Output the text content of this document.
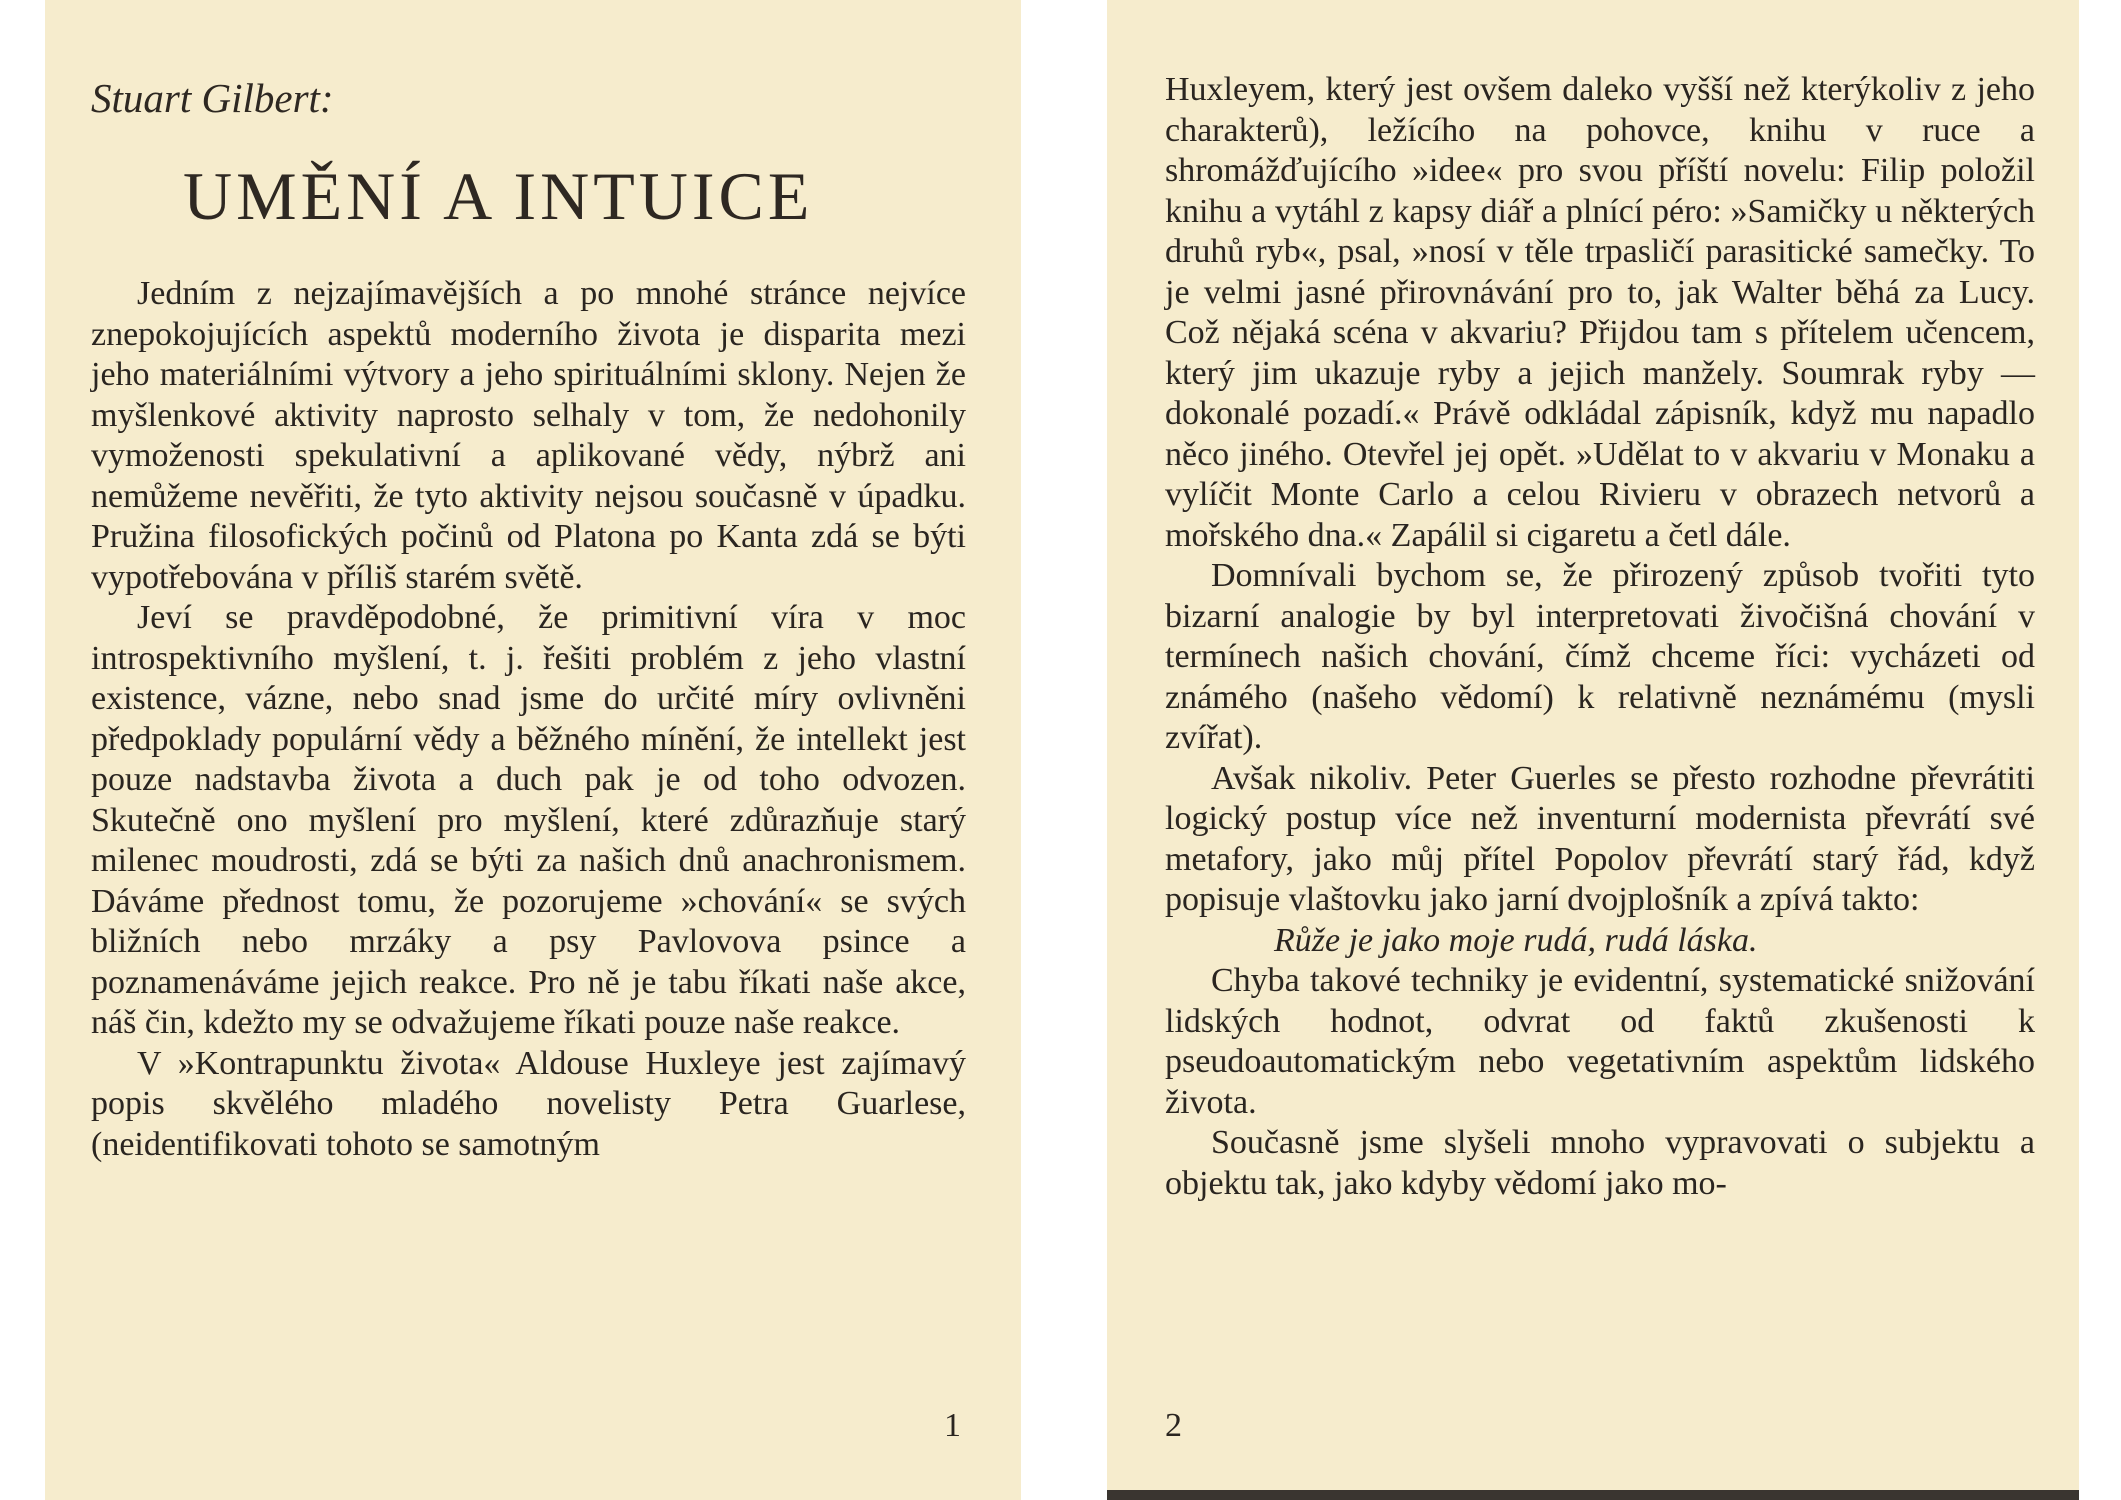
Stuart Gilbert:
UMĚNÍ A INTUICE

Jedním z nejzajímavějších a po mnohé stránce nejvíce znepokojujících aspektů moderního života je disparita mezi jeho materiálními výtvory a jeho spirituálními sklony. Nejen že myšlenkové aktivity naprosto selhaly v tom, že nedohonily vymoženosti spekulativní a aplikované vědy, nýbrž ani nemůžeme nevěřiti, že tyto aktivity nejsou současně v úpadku. Pružina filosofických počinů od Platona po Kanta zdá se býti vypotřebována v příliš starém světě.

Jeví se pravděpodobné, že primitivní víra v moc introspektivního myšlení, t. j. řešiti problém z jeho vlastní existence, vázne, nebo snad jsme do určité míry ovlivněni předpoklady populární vědy a běžného mínění, že intellekt jest pouze nadstavba života a duch pak je od toho odvozen. Skutečně ono myšlení pro myšlení, které zdůrazňuje starý milenec moudrosti, zdá se býti za našich dnů anachronismem. Dáváme přednost tomu, že pozorujeme »chování« se svých bližních nebo mrzáky a psy Pavlovova psince a poznamenáváme jejich reakce. Pro ně je tabu říkati naše akce, náš čin, kdežto my se odvažujeme říkati pouze naše reakce.

V »Kontrapunktu života« Aldouse Huxleye jest zajímavý popis skvělého mladého novelisty Petra Guarlese, (neidentifikovati tohoto se samotným

1

Huxleyem, který jest ovšem daleko vyšší než kterýkoliv z jeho charakterů), ležícího na pohovce, knihu v ruce a shromážďujícího »idee« pro svou příští novelu: Filip položil knihu a vytáhl z kapsy diář a plnící péro: »Samičky u některých druhů ryb«, psal, »nosí v těle trpasličí parasitické samečky. To je velmi jasné přirovnávání pro to, jak Walter běhá za Lucy. Což nějaká scéna v akvariu? Přijdou tam s přítelem učencem, který jim ukazuje ryby a jejich manžely. Soumrak ryby — dokonalé pozadí.« Právě odkládal zápisník, když mu napadlo něco jiného. Otevřel jej opět. »Udělat to v akvariu v Monaku a vylíčit Monte Carlo a celou Rivieru v obrazech netvorů a mořského dna.« Zapálil si cigaretu a četl dále.

Domnívali bychom se, že přirozený způsob tvořiti tyto bizarní analogie by byl interpretovati živočišná chování v termínech našich chování, čímž chceme říci: vycházeti od známého (našeho vědomí) k relativně neznámému (mysli zvířat).

Avšak nikoliv. Peter Guerles se přesto rozhodne převrátiti logický postup více než inventurní modernista převrátí své metafory, jako můj přítel Popolov převrátí starý řád, když popisuje vlaštovku jako jarní dvojplošník a zpívá takto:

Růže je jako moje rudá, rudá láska.

Chyba takové techniky je evidentní, systematické snižování lidských hodnot, odvrat od faktů zkušenosti k pseudoautomatickým nebo vegetativním aspektům lidského života.

Současně jsme slyšeli mnoho vypravovati o subjektu a objektu tak, jako kdyby vědomí jako mo-

2
